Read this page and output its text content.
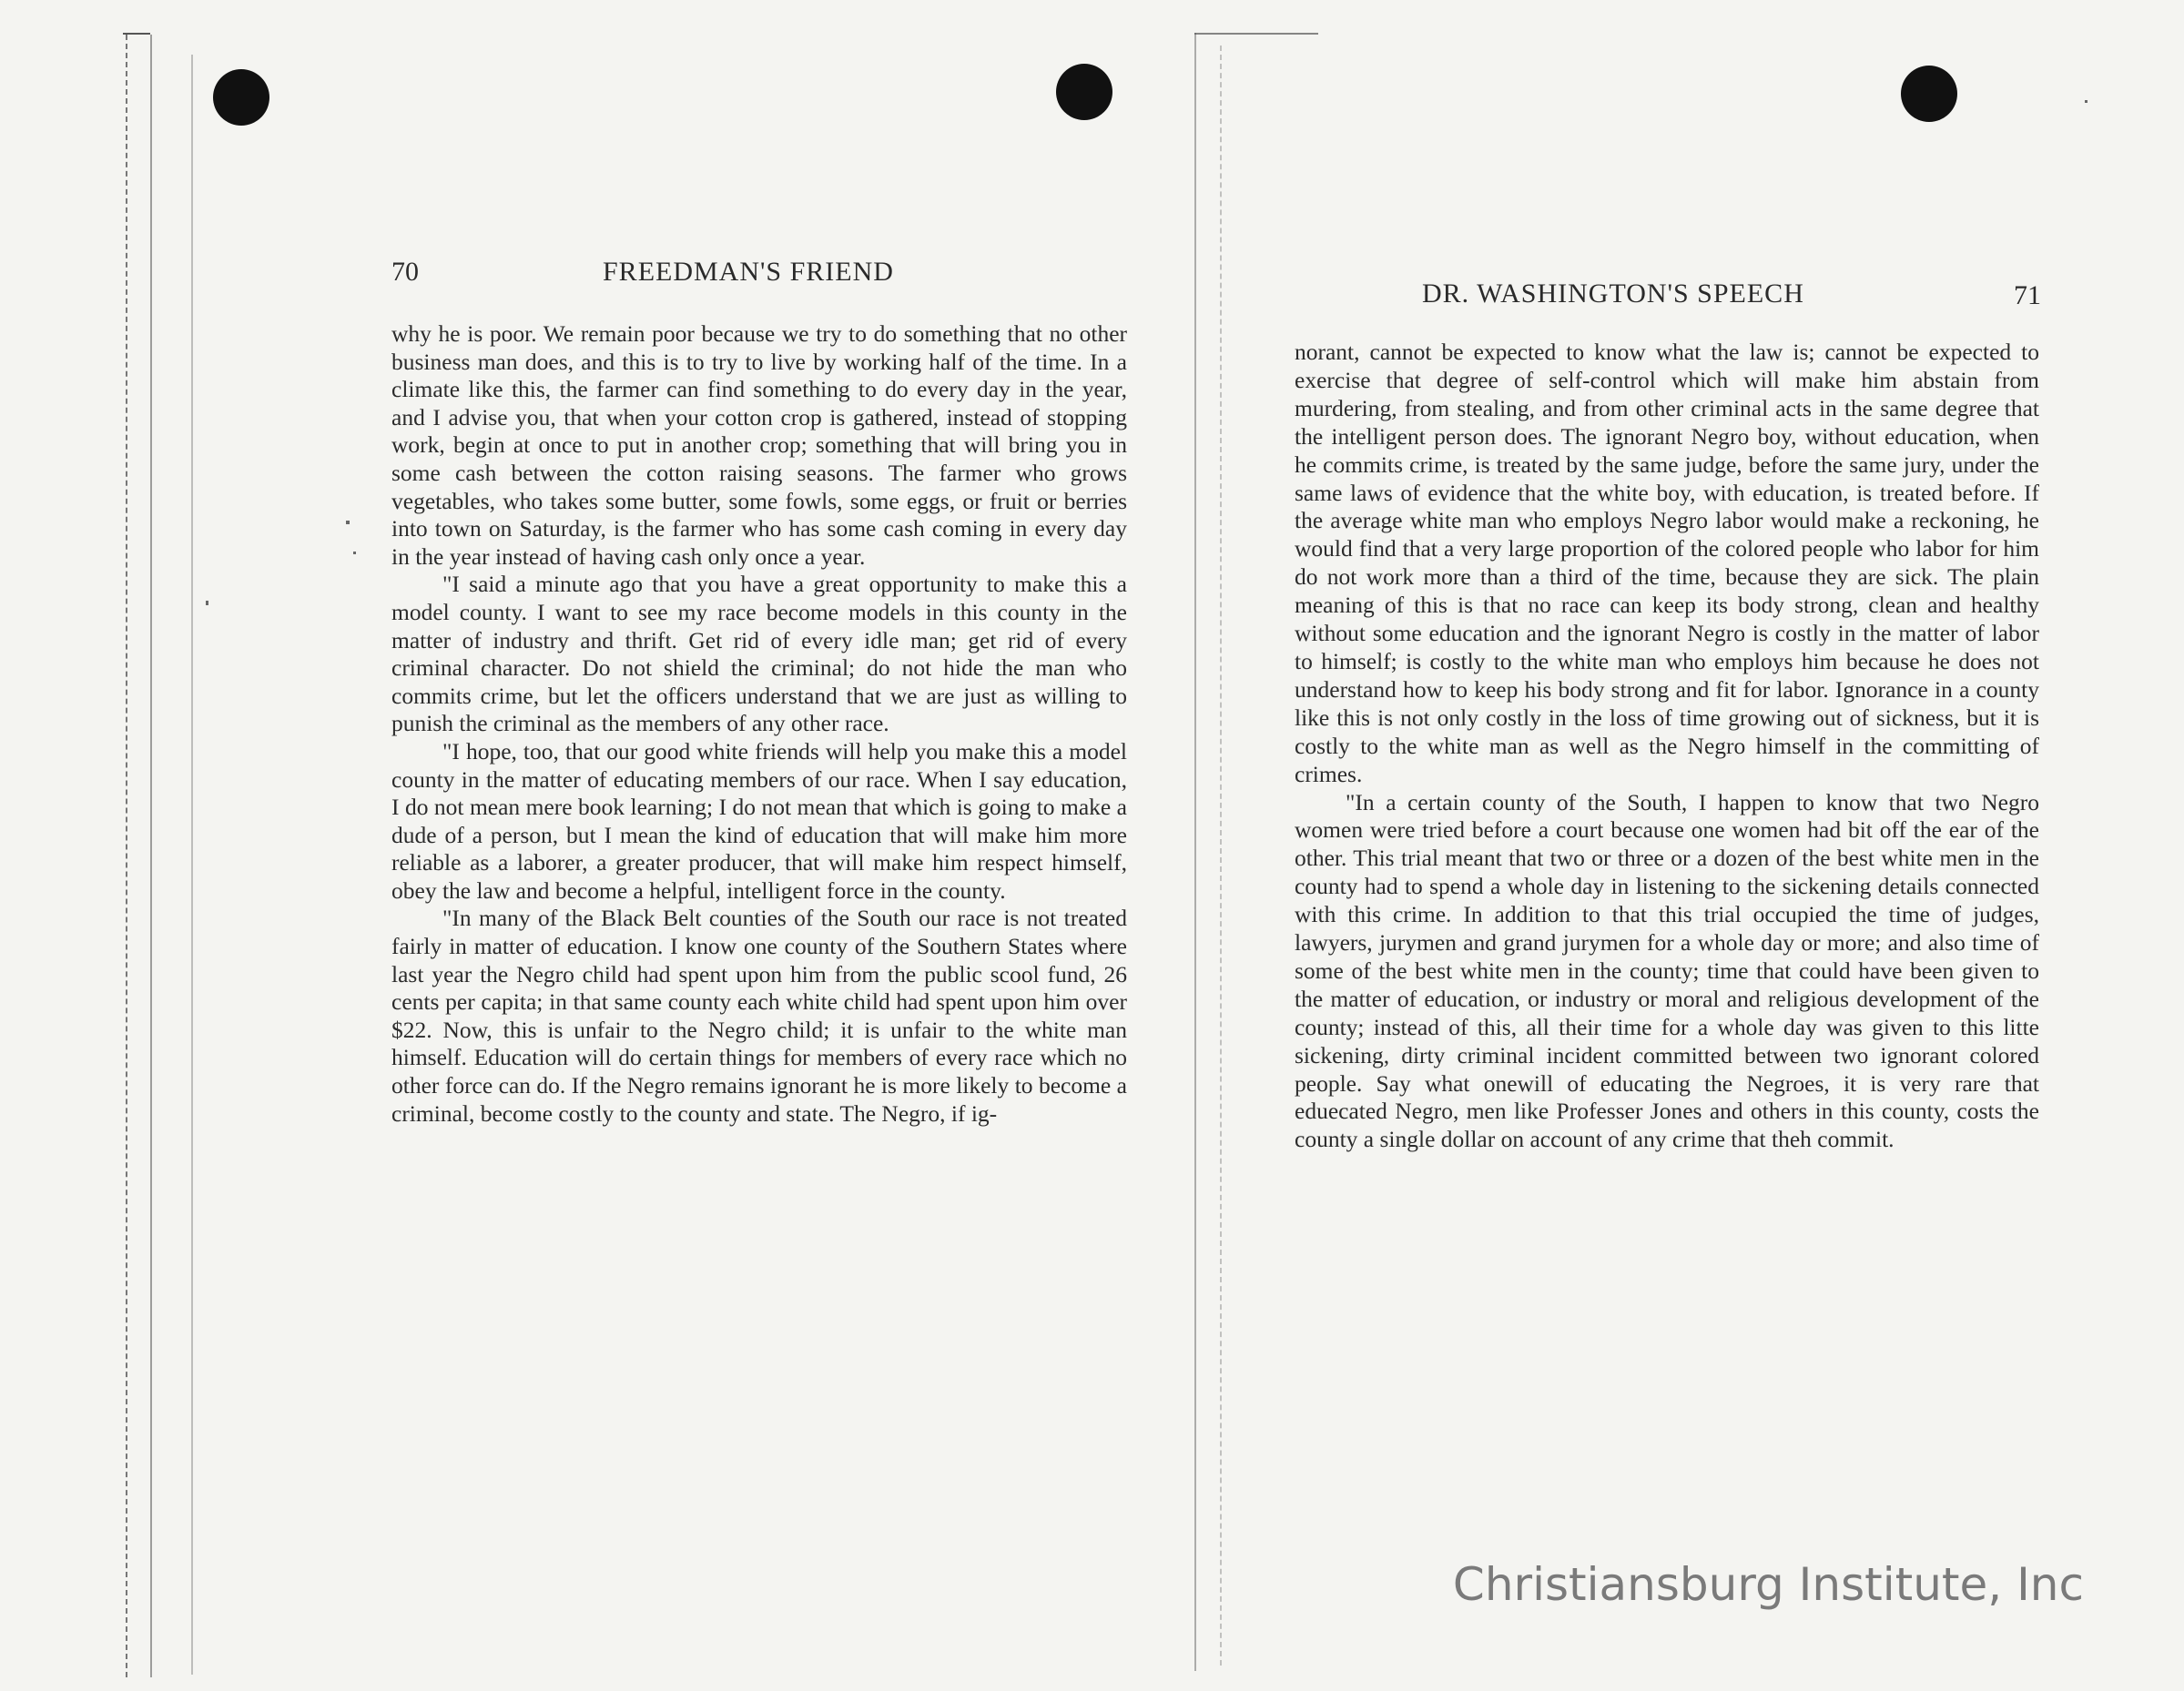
70	FREEDMAN'S FRIEND

why he is poor. We remain poor because we try to do something that no other business man does, and this is to try to live by working half of the time. In a climate like this, the farmer can find something to do every day in the year, and I advise you, that when your cotton crop is gathered, instead of stopping work, begin at once to put in another crop; something that will bring you in some cash between the cotton raising seasons. The farmer who grows vegetables, who takes some butter, some fowls, some eggs, or fruit or berries into town on Saturday, is the farmer who has some cash coming in every day in the year instead of having cash only once a year.

"I said a minute ago that you have a great opportunity to make this a model county. I want to see my race become models in this county in the matter of industry and thrift. Get rid of every idle man; get rid of every criminal character. Do not shield the criminal; do not hide the man who commits crime, but let the officers understand that we are just as willing to punish the criminal as the members of any other race.

"I hope, too, that our good white friends will help you make this a model county in the matter of educating members of our race. When I say education, I do not mean mere book learning; I do not mean that which is going to make a dude of a person, but I mean the kind of education that will make him more reliable as a laborer, a greater producer, that will make him respect himself, obey the law and become a helpful, intelligent force in the county.

"In many of the Black Belt counties of the South our race is not treated fairly in matter of education. I know one county of the Southern States where last year the Negro child had spent upon him from the public scool fund, 26 cents per capita; in that same county each white child had spent upon him over $22. Now, this is unfair to the Negro child; it is unfair to the white man himself. Education will do certain things for members of every race which no other force can do. If the Negro remains ignorant he is more likely to become a criminal, become costly to the county and state. The Negro, if ig-

DR. WASHINGTON'S SPEECH	71

norant, cannot be expected to know what the law is; cannot be expected to exercise that degree of self-control which will make him abstain from murdering, from stealing, and from other criminal acts in the same degree that the intelligent person does. The ignorant Negro boy, without education, when he commits crime, is treated by the same judge, before the same jury, under the same laws of evidence that the white boy, with education, is treated before. If the average white man who employs Negro labor would make a reckoning, he would find that a very large proportion of the colored people who labor for him do not work more than a third of the time, because they are sick. The plain meaning of this is that no race can keep its body strong, clean and healthy without some education and the ignorant Negro is costly in the matter of labor to himself; is costly to the white man who employs him because he does not understand how to keep his body strong and fit for labor. Ignorance in a county like this is not only costly in the loss of time growing out of sickness, but it is costly to the white man as well as the Negro himself in the committing of crimes.

"In a certain county of the South, I happen to know that two Negro women were tried before a court because one women had bit off the ear of the other. This trial meant that two or three or a dozen of the best white men in the county had to spend a whole day in listening to the sickening details connected with this crime. In addition to that this trial occupied the time of judges, lawyers, jurymen and grand jurymen for a whole day or more; and also time of some of the best white men in the county; time that could have been given to the matter of education, or industry or moral and religious development of the county; instead of this, all their time for a whole day was given to this litte sickening, dirty criminal incident committed between two ignorant colored people. Say what onewill of educating the Negroes, it is very rare that eduecated Negro, men like Professer Jones and others in this county, costs the county a single dollar on account of any crime that theh commit.

Christiansburg Institute, Inc
